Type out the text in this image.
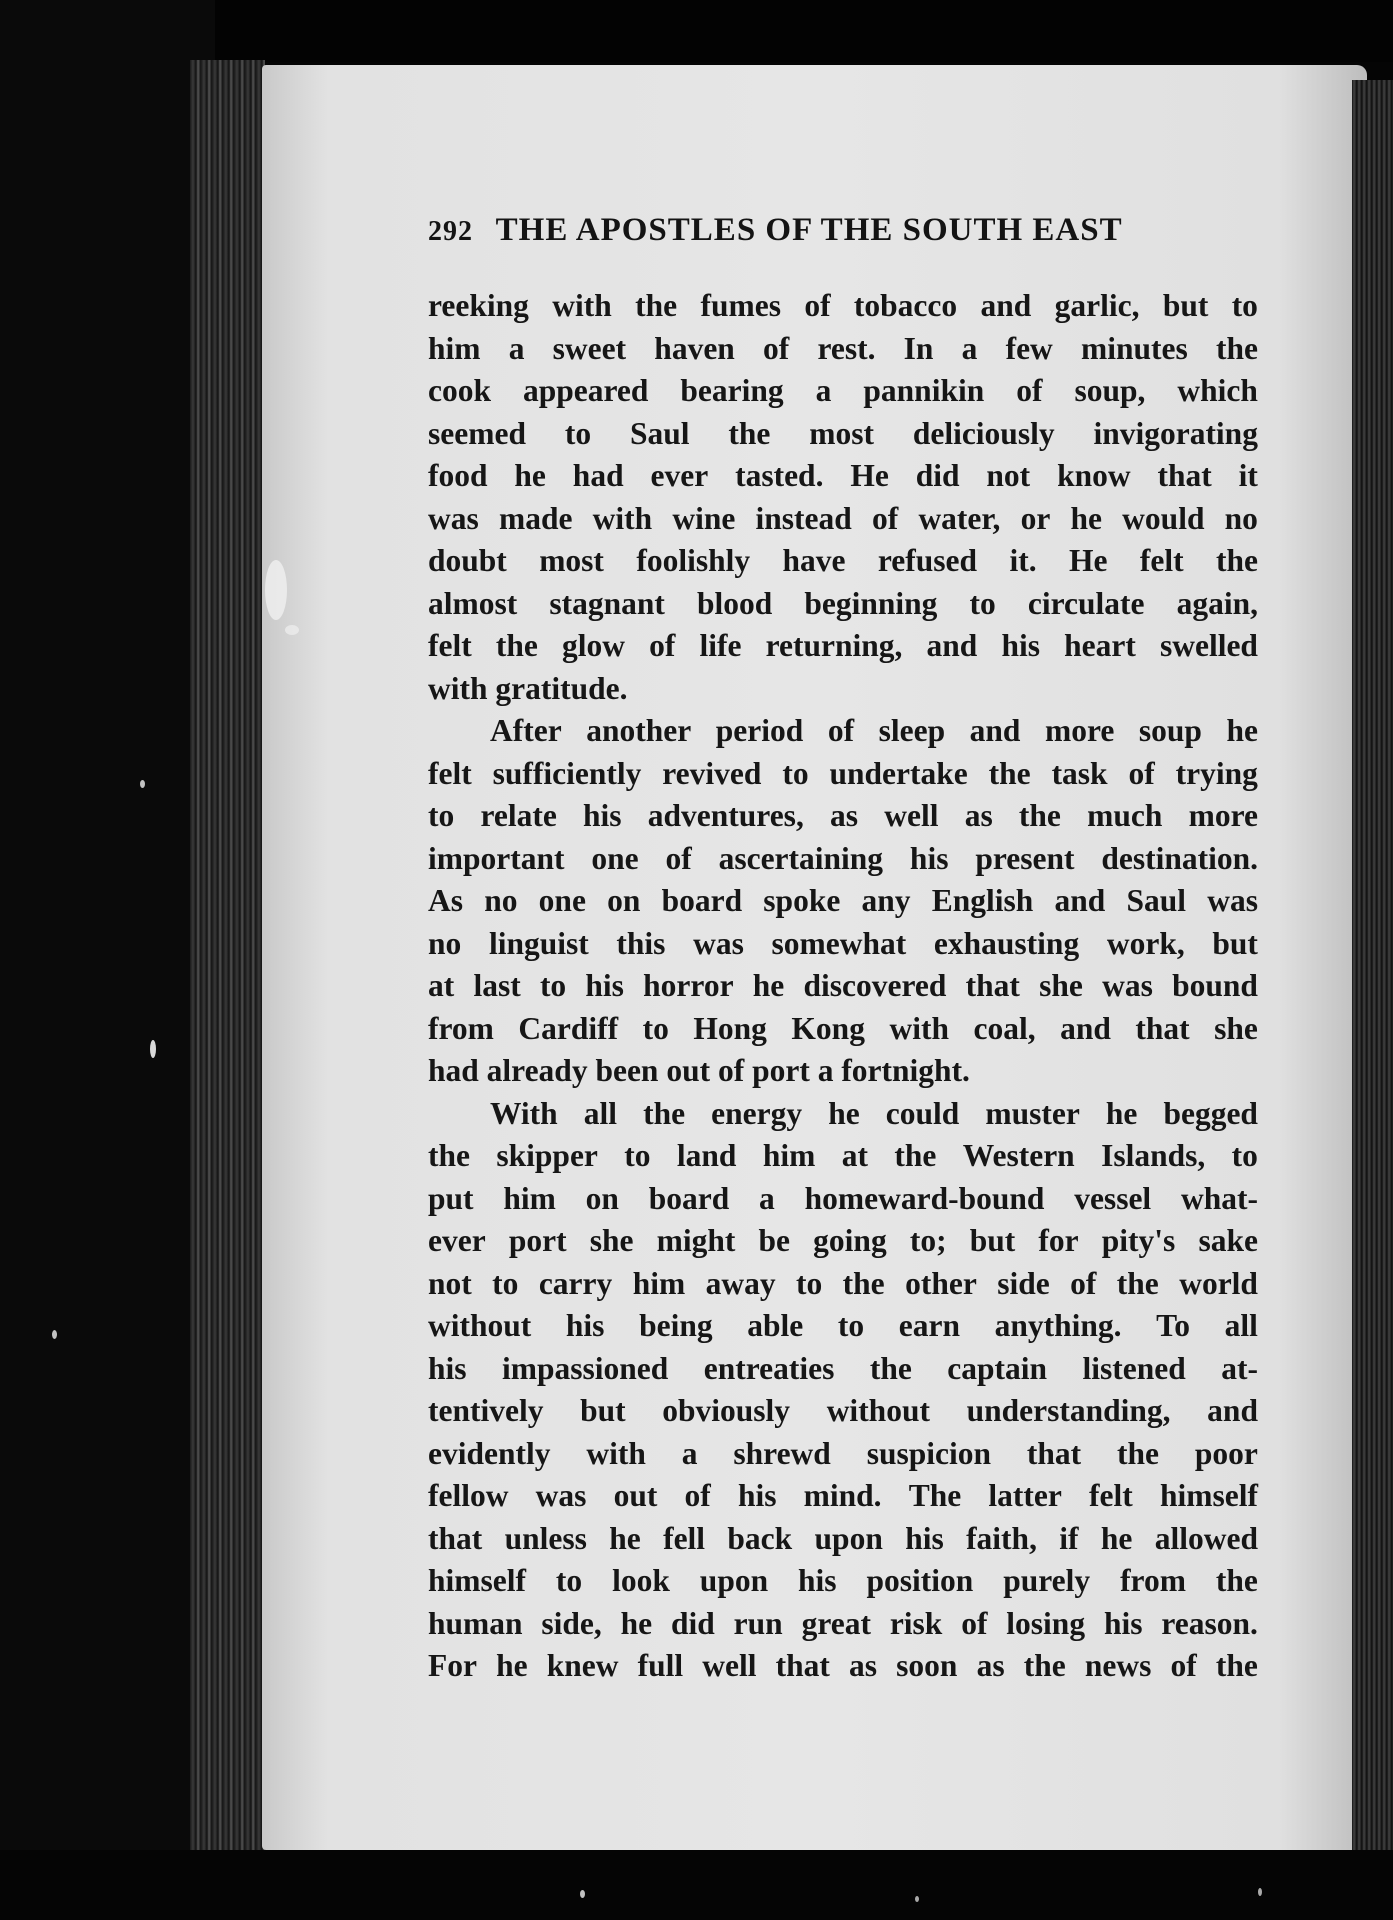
292 THE APOSTLES OF THE SOUTH EAST
reeking with the fumes of tobacco and garlic, but to
him a sweet haven of rest. In a few minutes the
cook appeared bearing a pannikin of soup, which
seemed to Saul the most deliciously invigorating
food he had ever tasted. He did not know that it
was made with wine instead of water, or he would no
doubt most foolishly have refused it. He felt the
almost stagnant blood beginning to circulate again,
felt the glow of life returning, and his heart swelled
with gratitude.
After another period of sleep and more soup he
felt sufficiently revived to undertake the task of trying
to relate his adventures, as well as the much more
important one of ascertaining his present destination.
As no one on board spoke any English and Saul was
no linguist this was somewhat exhausting work, but
at last to his horror he discovered that she was bound
from Cardiff to Hong Kong with coal, and that she
had already been out of port a fortnight.
With all the energy he could muster he begged
the skipper to land him at the Western Islands, to
put him on board a homeward-bound vessel what-
ever port she might be going to; but for pity's sake
not to carry him away to the other side of the world
without his being able to earn anything. To all
his impassioned entreaties the captain listened at-
tentively but obviously without understanding, and
evidently with a shrewd suspicion that the poor
fellow was out of his mind. The latter felt himself
that unless he fell back upon his faith, if he allowed
himself to look upon his position purely from the
human side, he did run great risk of losing his reason.
For he knew full well that as soon as the news of the
